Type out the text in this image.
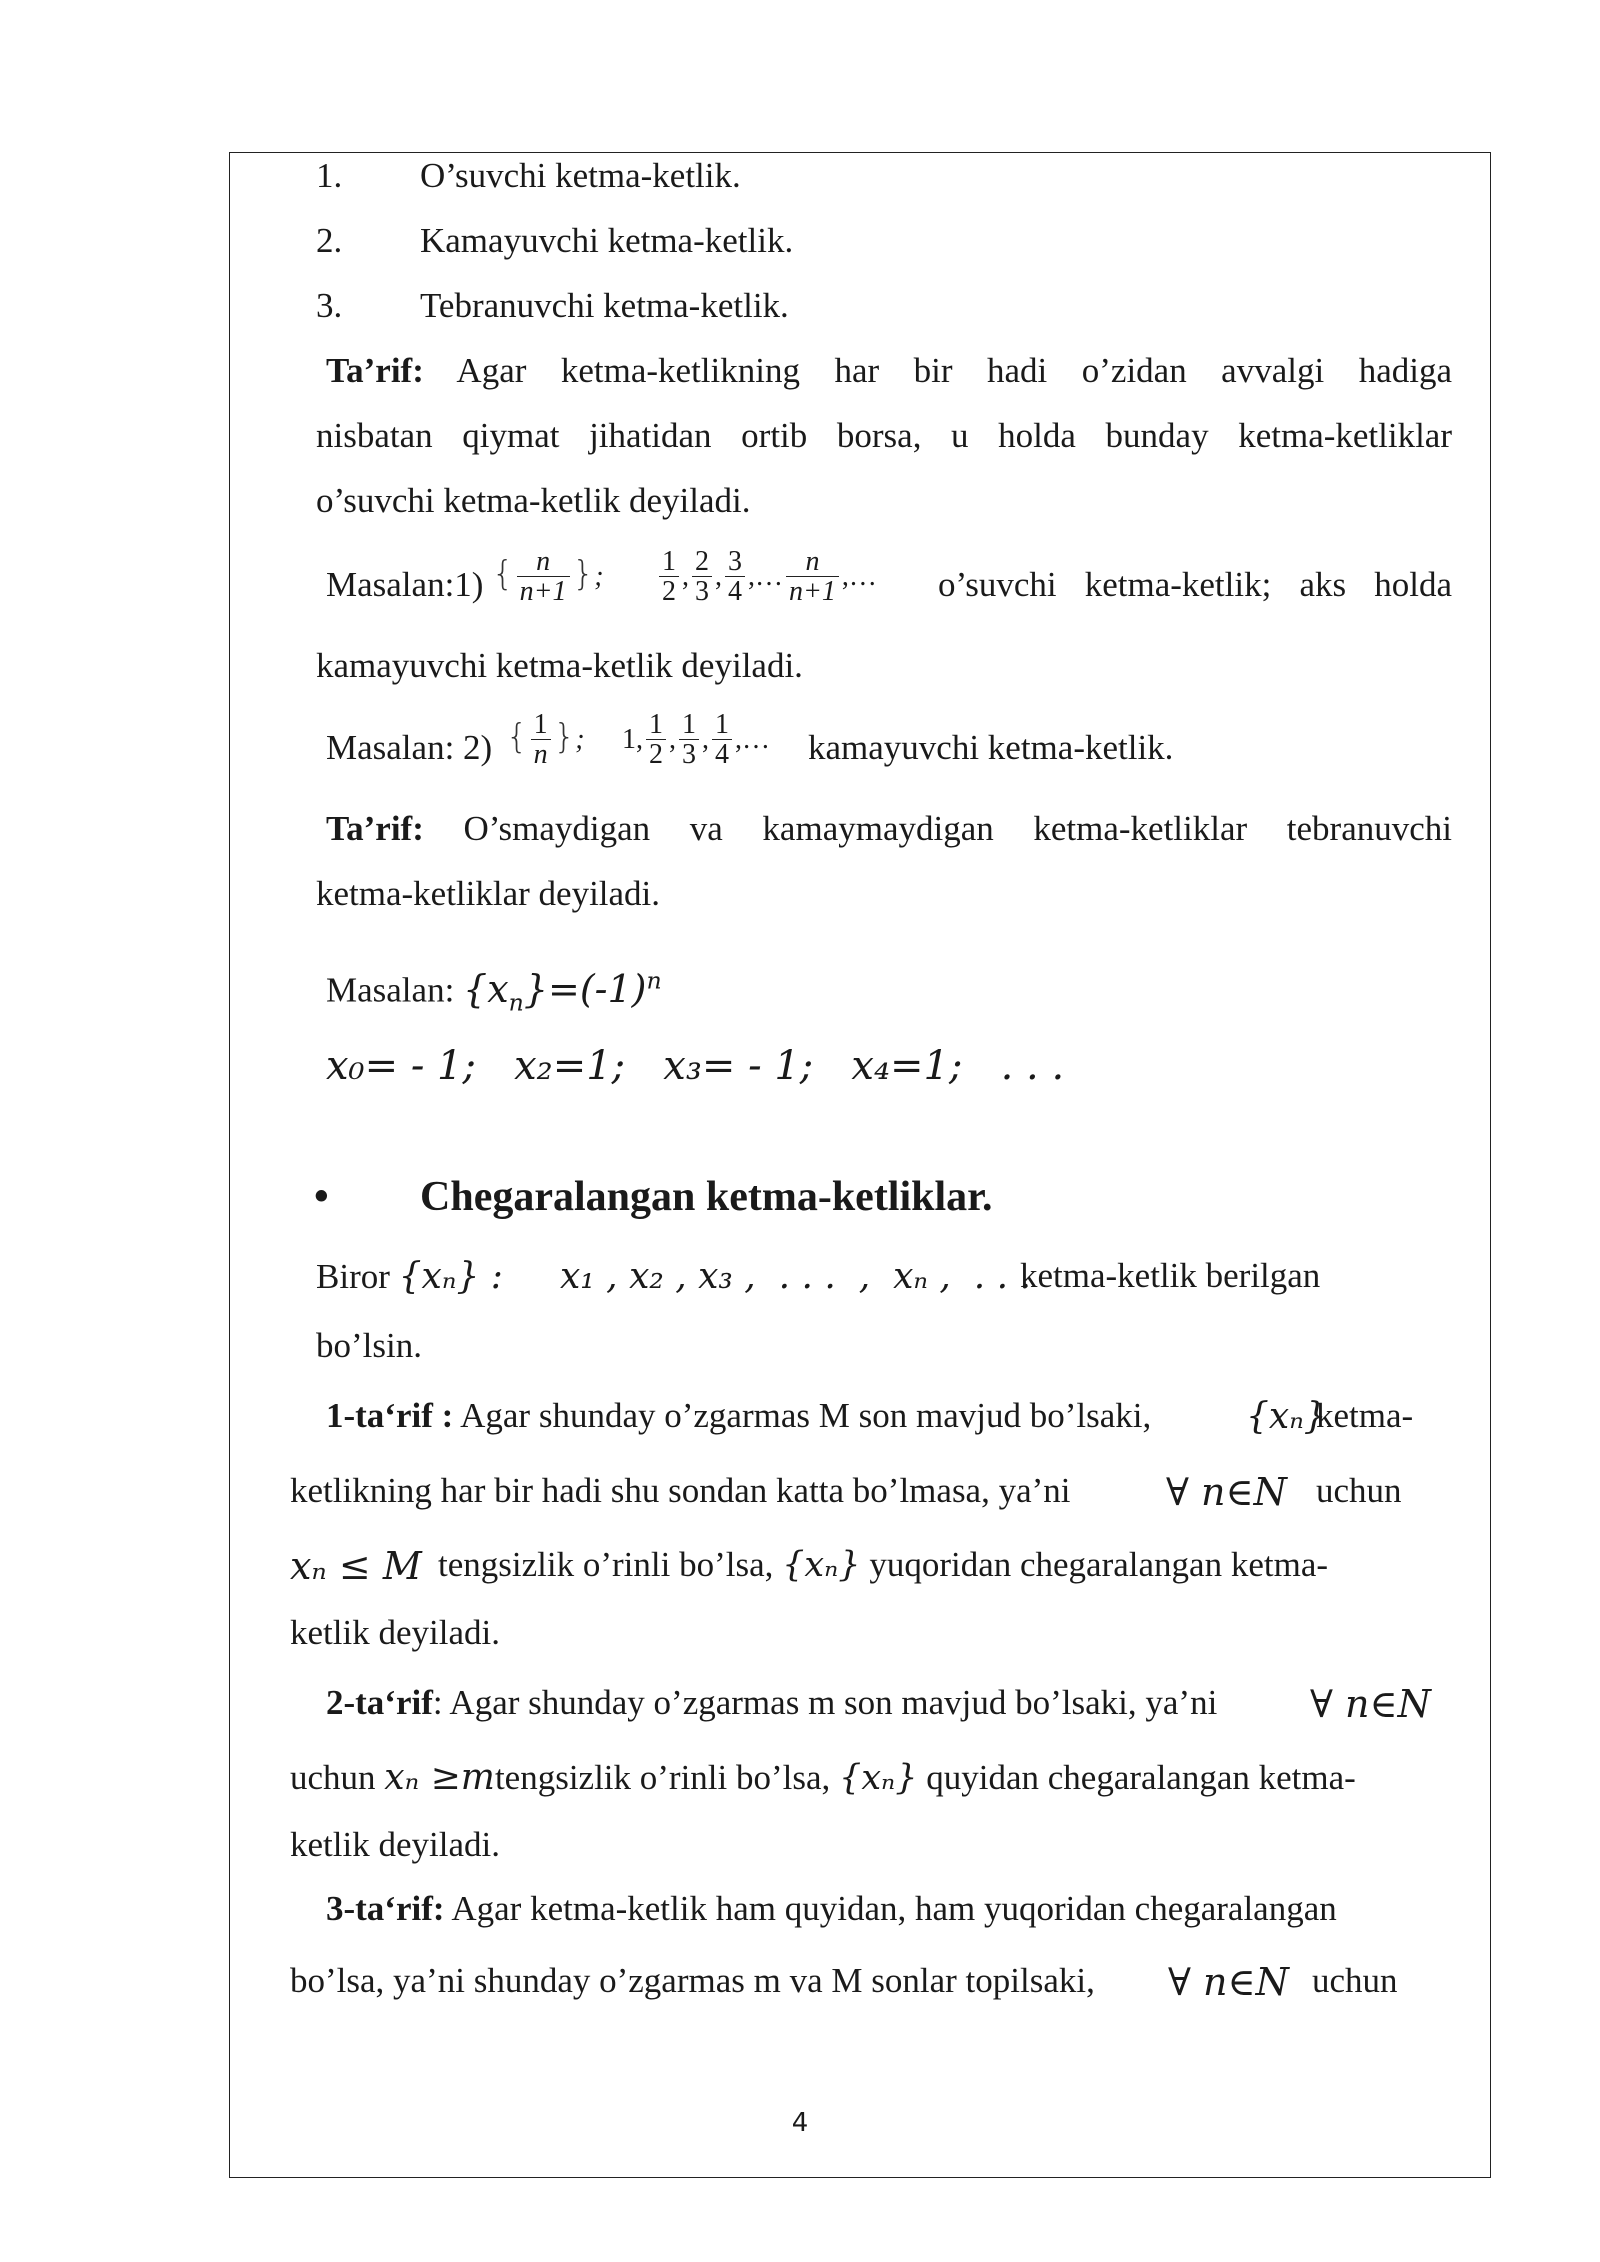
1. O’suvchi ketma-ketlik.
2. Kamayuvchi ketma-ketlik.
3. Tebranuvchi ketma-ketlik.
Ta’rif: Agar ketma-ketlikning har bir hadi o’zidan avvalgi hadiga
nisbatan qiymat jihatidan ortib borsa, u holda bunday ketma-ketliklar
o’suvchi ketma-ketlik deyiladi.
Masalan:1) { $\frac{n}{n+1}$ }; $\frac{1}{2}$ , $\frac{2}{3}$ , $\frac{3}{4}$ ,… $\frac{n}{n+1}$ ,… o’suvchi ketma-ketlik; aks holda
kamayuvchi ketma-ketlik deyiladi.
Masalan: 2) { $\frac{1}{n}$ }; 1, $\frac{1}{2}$ , $\frac{1}{3}$ , $\frac{1}{4}$ ,… kamayuvchi ketma-ketlik.
Ta’rif: O’smaydigan va kamaymaydigan ketma-ketliklar tebranuvchi
ketma-ketliklar deyiladi.
Masalan: $\{x_n\}=(-1)^n$
x₀= - 1;   x₂=1;   x₃= - 1;   x₄=1;   . . .
• Chegaralangan ketma-ketliklar.
Biror {xₙ} : x₁ , x₂ , x₃ ,  . . .  ,  xₙ ,  . . .
ketma-ketlik berilgan
bo’lsin.
1-ta‘rif : Agar shunday o’zgarmas M son mavjud bo’lsaki,	{xₙ}
ketma-
ketlikning har bir hadi shu sondan katta bo’lmasa, ya’ni	∀ n∈N uchun
xₙ ≤ M tengsizlik o’rinli bo’lsa, {xₙ} yuqoridan chegaralangan ketma-
ketlik deyiladi.
2-ta‘rif: Agar shunday o’zgarmas m son mavjud bo’lsaki, ya’ni ∀ n∈N
uchun xₙ ≥mtengsizlik o’rinli bo’lsa, {xₙ} quyidan chegaralangan ketma-
ketlik deyiladi.
3-ta‘rif: Agar ketma-ketlik ham quyidan, ham yuqoridan chegaralangan
bo’lsa, ya’ni shunday o’zgarmas m va M sonlar topilsaki, ∀ n∈N uchun
4
